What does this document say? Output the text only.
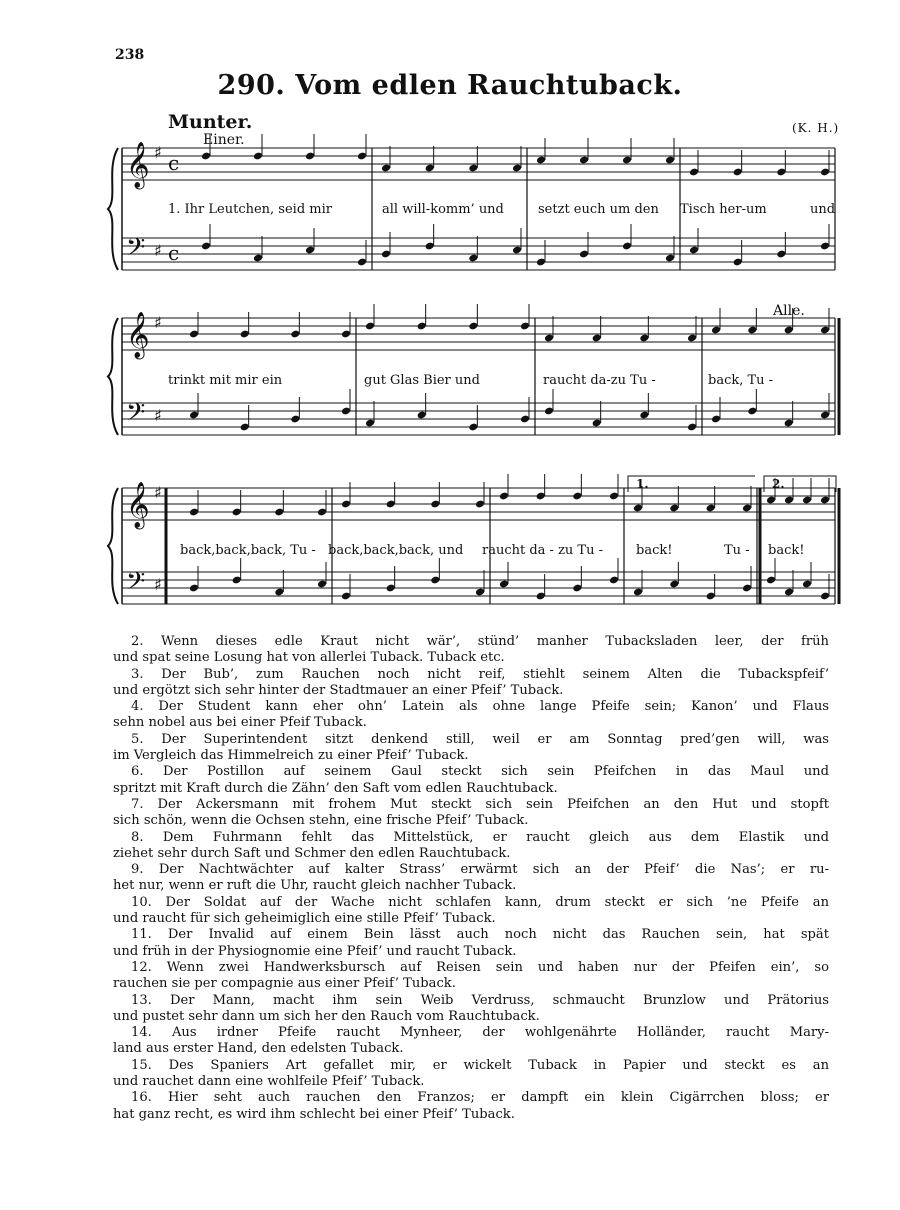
238
290. Vom edlen Rauchtuback.
Munter.
Einer.
(K. H.)
Alle.
𝄞 ♯ c
𝄢 ♯ c
𝄞 ♯
𝄢 ♯
𝄞 ♯
𝄢 ♯
1. Ihr Leutchen, seid mir	all will-komm’ und	setzt euch um den Tisch her-um	und
trinkt mit mir ein	gut Glas Bier und	raucht da-zu Tu -	back, Tu -
back,back,back, Tu - back,back,back, und raucht da - zu Tu -	back!	Tu - back!
1.	2.
2. Wenn dieses edle Kraut nicht wär’, stünd’ manher Tubacksladen leer, der früh
und spat seine Losung hat von allerlei Tuback. Tuback etc.
3. Der Bub’, zum Rauchen noch nicht reif, stiehlt seinem Alten die Tubackspfeif’
und ergötzt sich sehr hinter der Stadtmauer an einer Pfeif’ Tuback.
4. Der Student kann eher ohn’ Latein als ohne lange Pfeife sein; Kanon’ und Flaus
sehn nobel aus bei einer Pfeif Tuback.
5. Der Superintendent sitzt denkend still, weil er am Sonntag pred’gen will, was
im Vergleich das Himmelreich zu einer Pfeif’ Tuback.
6. Der Postillon auf seinem Gaul steckt sich sein Pfeifchen in das Maul und
spritzt mit Kraft durch die Zähn’ den Saft vom edlen Rauchtuback.
7. Der Ackersmann mit frohem Mut steckt sich sein Pfeifchen an den Hut und stopft
sich schön, wenn die Ochsen stehn, eine frische Pfeif’ Tuback.
8. Dem Fuhrmann fehlt das Mittelstück, er raucht gleich aus dem Elastik und
ziehet sehr durch Saft und Schmer den edlen Rauchtuback.
9. Der Nachtwächter auf kalter Strass’ erwärmt sich an der Pfeif’ die Nas’; er ru-
het nur, wenn er ruft die Uhr, raucht gleich nachher Tuback.
10. Der Soldat auf der Wache nicht schlafen kann, drum steckt er sich ’ne Pfeife an
und raucht für sich geheimiglich eine stille Pfeif’ Tuback.
11. Der Invalid auf einem Bein lässt auch noch nicht das Rauchen sein, hat spät
und früh in der Physiognomie eine Pfeif’ und raucht Tuback.
12. Wenn zwei Handwerksbursch auf Reisen sein und haben nur der Pfeifen ein’, so
rauchen sie per compagnie aus einer Pfeif’ Tuback.
13. Der Mann, macht ihm sein Weib Verdruss, schmaucht Brunzlow und Prätorius
und pustet sehr dann um sich her den Rauch vom Rauchtuback.
14. Aus irdner Pfeife raucht Mynheer, der wohlgenährte Holländer, raucht Mary-
land aus erster Hand, den edelsten Tuback.
15. Des Spaniers Art gefallet mir, er wickelt Tuback in Papier und steckt es an
und rauchet dann eine wohlfeile Pfeif’ Tuback.
16. Hier seht auch rauchen den Franzos; er dampft ein klein Cigärrchen bloss; er
hat ganz recht, es wird ihm schlecht bei einer Pfeif’ Tuback.
